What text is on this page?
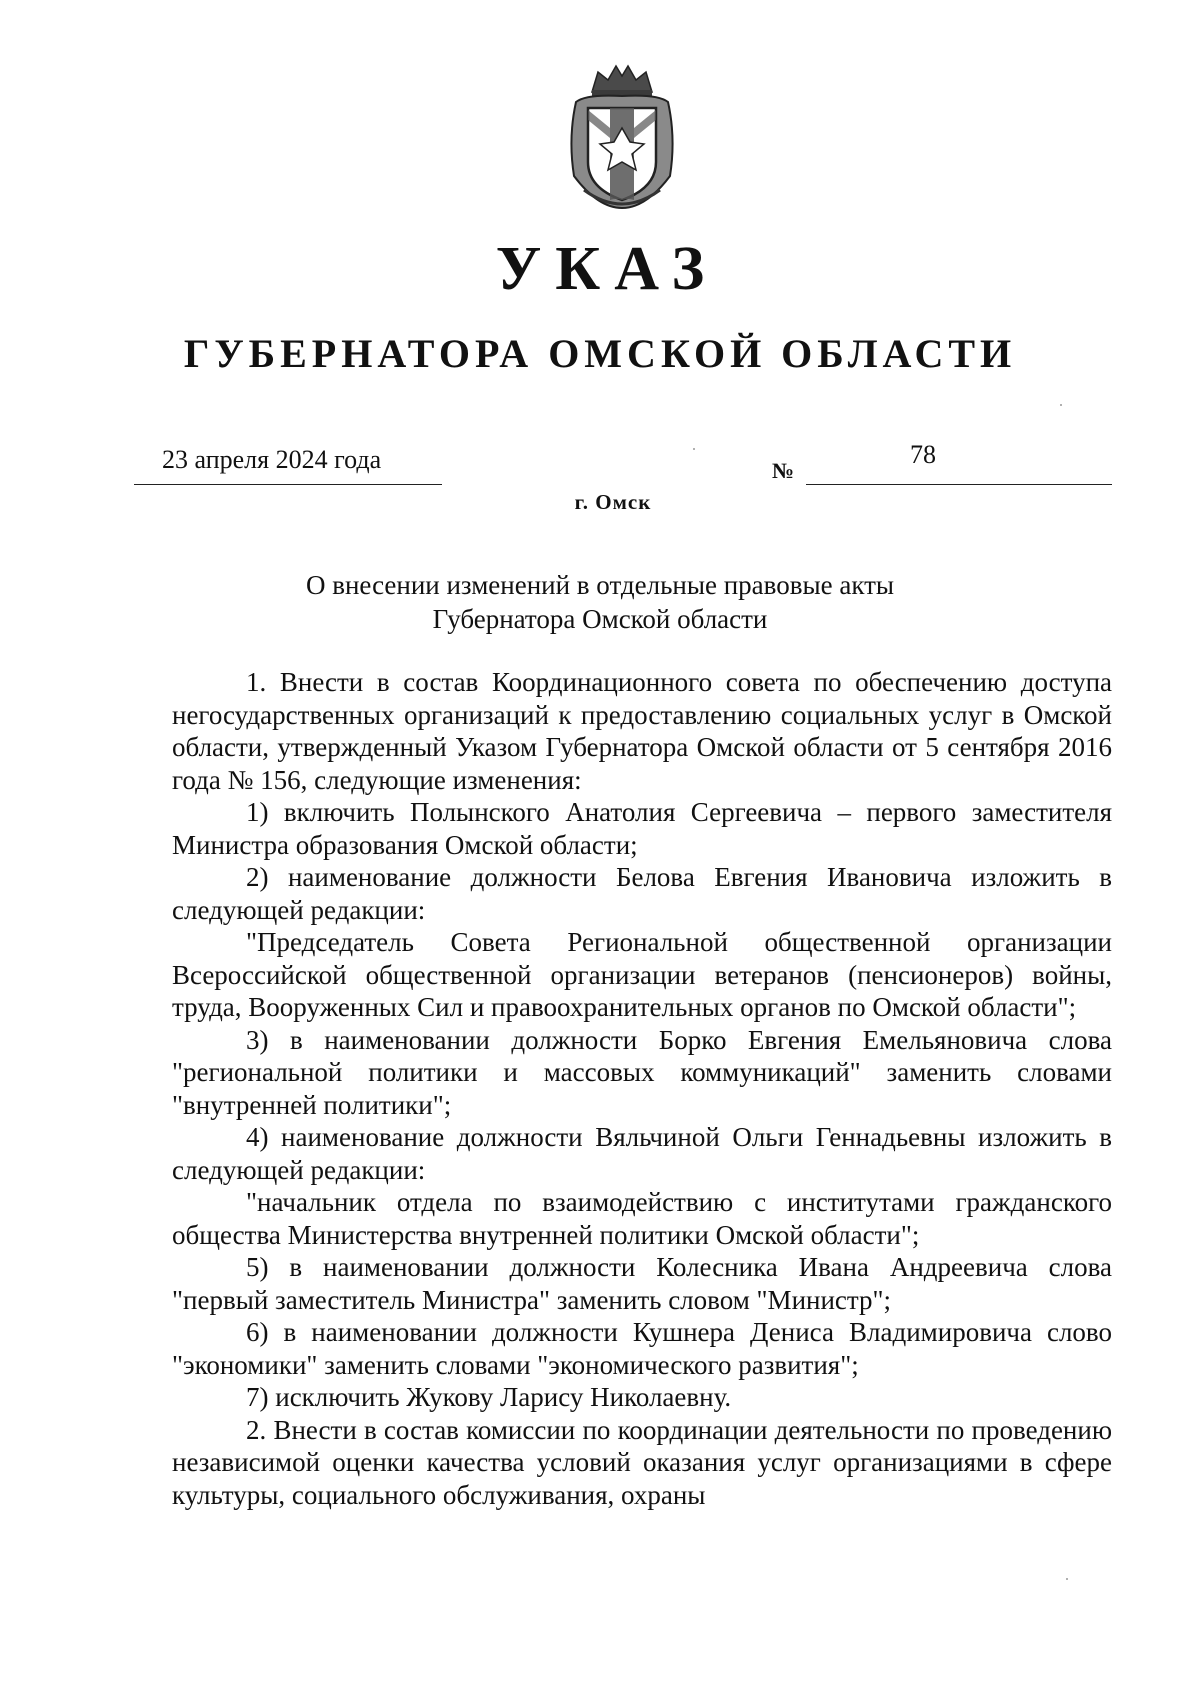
УКАЗ
ГУБЕРНАТОРА ОМСКОЙ ОБЛАСТИ
23 апреля 2024 года	№
78
г. Омск
О внесении изменений в отдельные правовые акты
Губернатора Омской области

1. Внести в состав Координационного совета по обеспечению доступа негосударственных организаций к предоставлению социальных услуг в Омской области, утвержденный Указом Губернатора Омской области от 5 сентября 2016 года № 156, следующие изменения:

1) включить Полынского Анатолия Сергеевича – первого заместителя Министра образования Омской области;

2) наименование должности Белова Евгения Ивановича изложить в следующей редакции:

"Председатель Совета Региональной общественной организации Всероссийской общественной организации ветеранов (пенсионеров) войны, труда, Вооруженных Сил и правоохранительных органов по Омской области";

3) в наименовании должности Борко Евгения Емельяновича слова "региональной политики и массовых коммуникаций" заменить словами "внутренней политики";

4) наименование должности Вяльчиной Ольги Геннадьевны изложить в следующей редакции:

"начальник отдела по взаимодействию с институтами гражданского общества Министерства внутренней политики Омской области";

5) в наименовании должности Колесника Ивана Андреевича слова "первый заместитель Министра" заменить словом "Министр";

6) в наименовании должности Кушнера Дениса Владимировича слово "экономики" заменить словами "экономического развития";

7) исключить Жукову Ларису Николаевну.

2. Внести в состав комиссии по координации деятельности по проведению независимой оценки качества условий оказания услуг организациями в сфере культуры, социального обслуживания, охраны
